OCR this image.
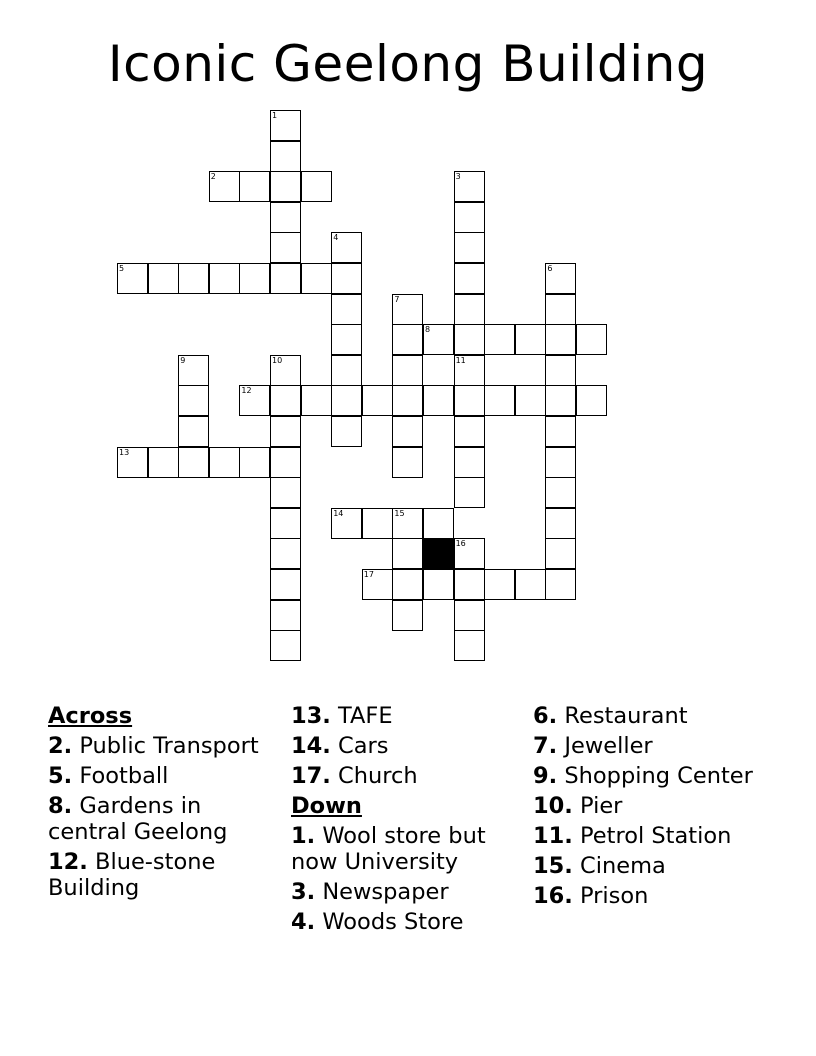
Iconic Geelong Building
1
2	3
4
5	6
7
8
9	10	11
12
13
14	15
16
17
Across
2. Public Transport
5. Football
8. Gardens in central Geelong
12. Blue-stone Building
13. TAFE
14. Cars
17. Church
Down
1. Wool store but now University
3. Newspaper
4. Woods Store
6. Restaurant
7. Jeweller
9. Shopping Center
10. Pier
11. Petrol Station
15. Cinema
16. Prison
